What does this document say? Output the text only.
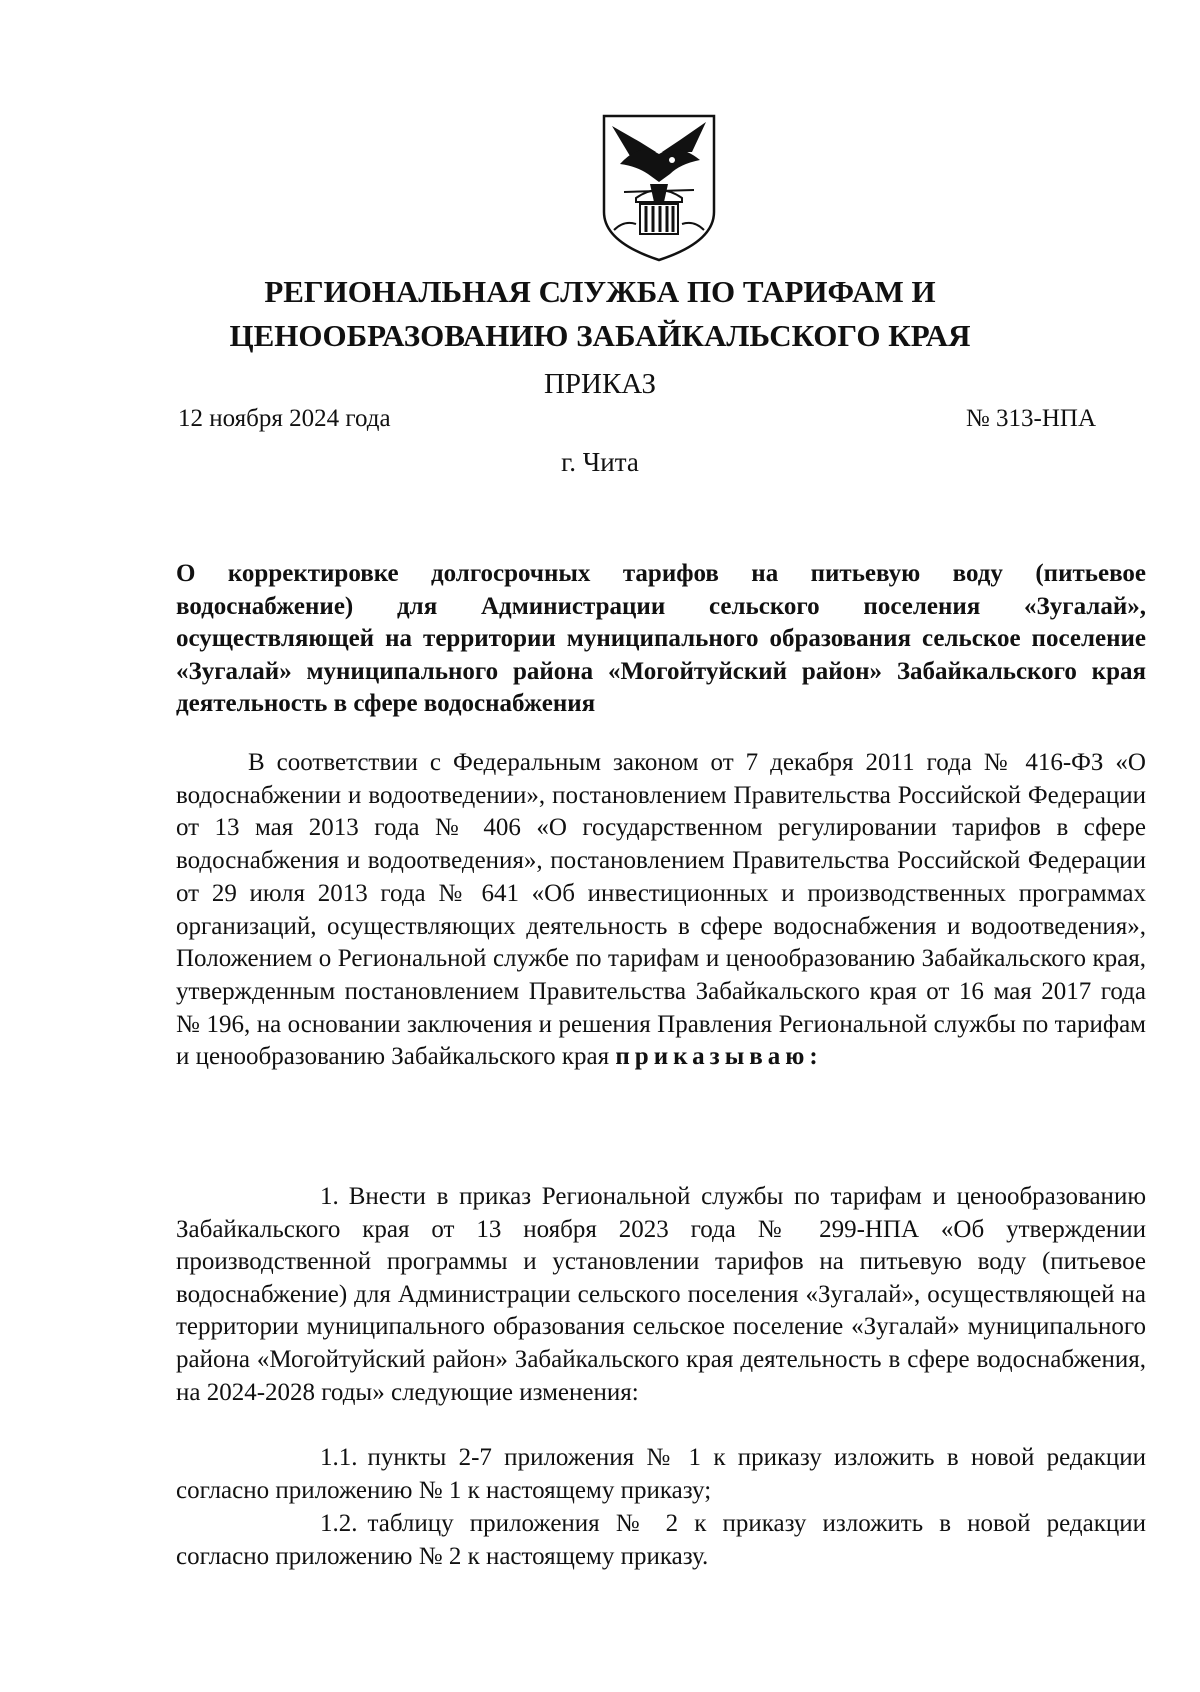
РЕГИОНАЛЬНАЯ СЛУЖБА ПО ТАРИФАМ И
ЦЕНООБРАЗОВАНИЮ ЗАБАЙКАЛЬСКОГО КРАЯ
ПРИКАЗ
12 ноября 2024 года	№ 313-НПА
г. Чита
О корректировке долгосрочных тарифов на питьевую воду (питьевое водоснабжение) для Администрации сельского поселения «Зугалай», осуществляющей на территории муниципального образования сельское поселение «Зугалай» муниципального района «Могойтуйский район» Забайкальского края деятельность в сфере водоснабжения
В соответствии с Федеральным законом от 7 декабря 2011 года № 416-ФЗ «О водоснабжении и водоотведении», постановлением Правительства Российской Федерации от 13 мая 2013 года № 406 «О государственном регулировании тарифов в сфере водоснабжения и водоотведения», постановлением Правительства Российской Федерации от 29 июля 2013 года № 641 «Об инвестиционных и производственных программах организаций, осуществляющих деятельность в сфере водоснабжения и водоотведения», Положением о Региональной службе по тарифам и ценообразованию Забайкальского края, утвержденным постановлением Правительства Забайкальского края от 16 мая 2017 года № 196, на основании заключения и решения Правления Региональной службы по тарифам и ценообразованию Забайкальского края приказываю:
1. Внести в приказ Региональной службы по тарифам и ценообразованию Забайкальского края от 13 ноября 2023 года № 299-НПА «Об утверждении производственной программы и установлении тарифов на питьевую воду (питьевое водоснабжение) для Администрации сельского поселения «Зугалай», осуществляющей на территории муниципального образования сельское поселение «Зугалай» муниципального района «Могойтуйский район» Забайкальского края деятельность в сфере водоснабжения, на 2024-2028 годы» следующие изменения:
1.1. пункты 2-7 приложения № 1 к приказу изложить в новой редакции согласно приложению № 1 к настоящему приказу;
1.2. таблицу приложения № 2 к приказу изложить в новой редакции согласно приложению № 2 к настоящему приказу.
